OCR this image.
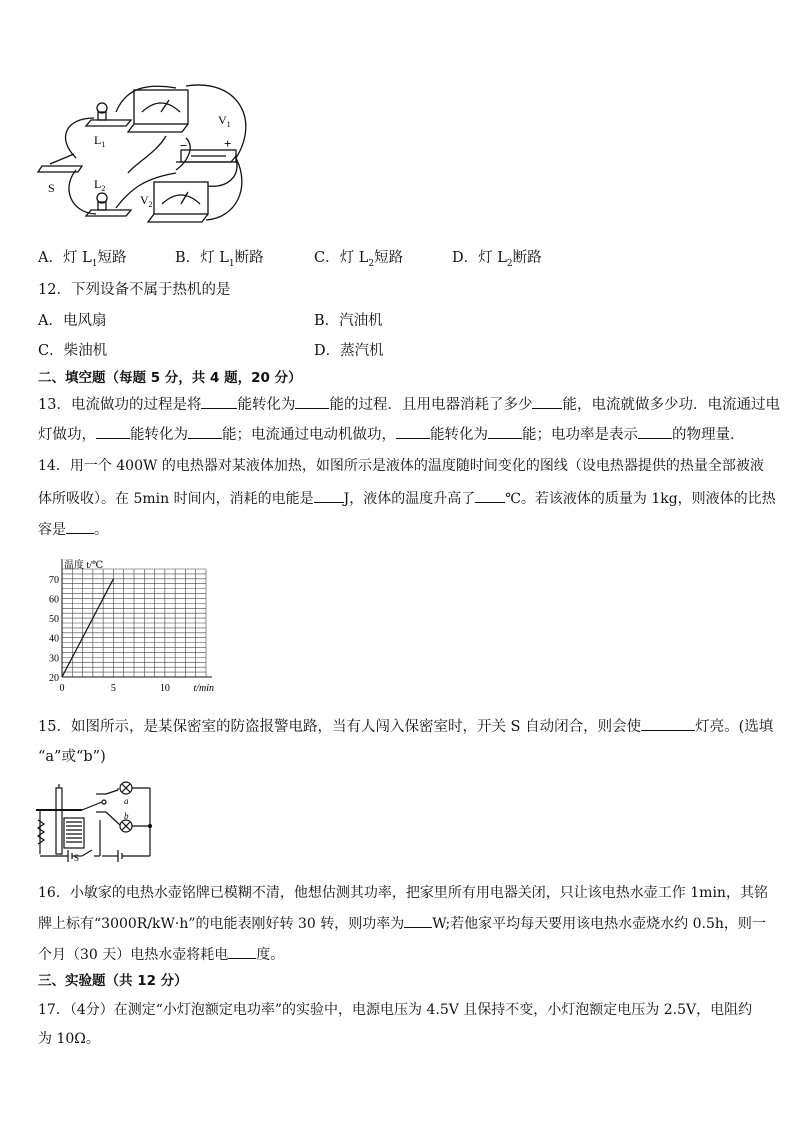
$L_1$
$L_2$
$V_1$
$V_2$
S
−	+
A．灯 $L_1$短路	B．灯 $L_1$断路	C．灯 $L_2$短路	D．灯 $L_2$断路
12．下列设备不属于热机的是
A．电风扇	B．汽油机
C．柴油机	D．蒸汽机
二、填空题（每题 5 分，共 4 题，20 分）
13．电流做功的过程是将 能转化为 能的过程．且用电器消耗了多少 能，电流就做多少功．电流通过电
灯做功， 能转化为 能；电流通过电动机做功， 能转化为 能；电功率是表示 的物理量．
14．用一个 400W 的电热器对某液体加热，如图所示是液体的温度随时间变化的图线（设电热器提供的热量全部被液
体所吸收）。在 5min 时间内，消耗的电能是 J，液体的温度升高了 ℃。若该液体的质量为 1kg，则液体的比热
容是 。
20
30
40
50
60
70
0	5	10
温度 t/℃
t/min
15．如图所示，是某保密室的防盗报警电路，当有人闯入保密室时，开关 S 自动闭合，则会使	灯亮。(选填
“a”或“b”)
a
b
S
16．小敏家的电热水壶铭牌已模糊不清，他想估测其功率，把家里所有用电器关闭，只让该电热水壶工作 1min，其铭
牌上标有“3000R/kW·h”的电能表刚好转 30 转，则功率为 W;若他家平均每天要用该电热水壶烧水约 0.5h，则一
个月（30 天）电热水壶将耗电 度。
三、实验题（共 12 分）
17．（4分）在测定“小灯泡额定电功率”的实验中，电源电压为 4.5V 且保持不变，小灯泡额定电压为 2.5V，电阻约
为 10Ω。
